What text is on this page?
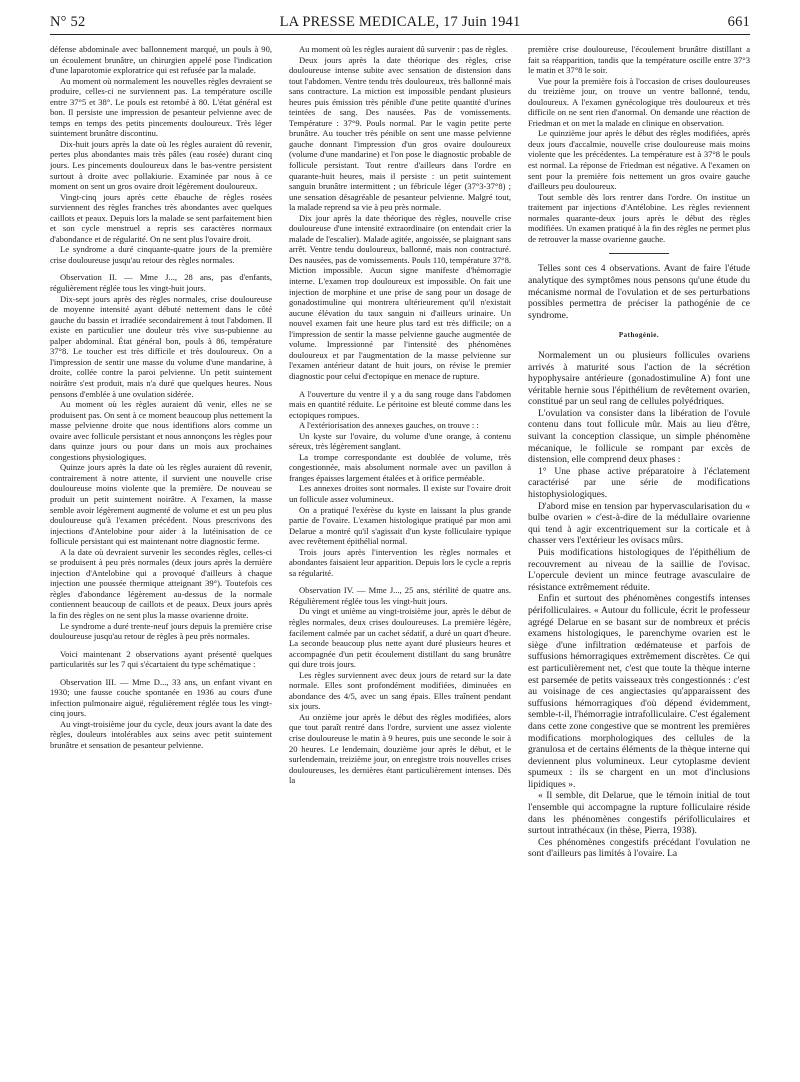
N° 52	LA PRESSE MEDICALE, 17 Juin 1941	661

défense abdominale avec ballonnement marqué, un pouls à 90, un écoulement brunâtre, un chirurgien appelé pose l'indication d'une laparotomie exploratrice qui est refusée par la malade.

Au moment où normalement les nouvelles règles devraient se produire, celles-ci ne surviennent pas. La température oscille entre 37°5 et 38°. Le pouls est retombé à 80. L'état général est bon. Il persiste une impression de pesanteur pelvienne avec de temps en temps des petits pincements douloureux. Très léger suintement brunâtre discontinu.

Dix-huit jours après la date où les règles auraient dû revenir, pertes plus abondantes mais très pâles (eau rosée) durant cinq jours. Les pincements douloureux dans le bas-ventre persistent surtout à droite avec pollakiurie. Examinée par nous à ce moment on sent un gros ovaire droit légèrement douloureux.

Vingt-cinq jours après cette ébauche de règles rosées surviennent des règles franches très abondantes avec quelques caillots et peaux. Depuis lors la malade se sent parfaitement bien et son cycle menstruel a repris ses caractères normaux d'abondance et de régularité. On ne sent plus l'ovaire droit.

Le syndrome a duré cinquante-quatre jours de la première crise douloureuse jusqu'au retour des règles normales.

Observation II. — Mme J..., 28 ans, pas d'enfants, régulièrement réglée tous les vingt-huit jours.

Dix-sept jours après des règles normales, crise douloureuse de moyenne intensité ayant débuté nettement dans le côté gauche du bassin et irradiée secondairement à tout l'abdomen. Il existe en particulier une douleur très vive sus-pubienne au palper abdominal. État général bon, pouls à 86, température 37°8. Le toucher est très difficile et très douloureux. On a l'impression de sentir une masse du volume d'une mandarine, à droite, collée contre la paroi pelvienne. Un petit suintement noirâtre s'est produit, mais n'a duré que quelques heures. Nous pensons d'emblée à une ovulation sidérée.

Au moment où les règles auraient dû venir, elles ne se produisent pas. On sent à ce moment beaucoup plus nettement la masse pelvienne droite que nous identifions alors comme un ovaire avec follicule persistant et nous annonçons les règles pour dans quinze jours ou pour dans un mois aux prochaines congestions physiologiques.

Quinze jours après la date où les règles auraient dû revenir, contrairement à notre attente, il survient une nouvelle crise douloureuse moins violente que la première. De nouveau se produit un petit suintement noirâtre. A l'examen, la masse semble avoir légèrement augmenté de volume et est un peu plus douloureuse qu'à l'examen précédent. Nous prescrivons des injections d'Antelobine pour aider à la lutéinisation de ce follicule persistant qui est maintenant notre diagnostic ferme.

A la date où devraient survenir les secondes règles, celles-ci se produisent à peu près normales (deux jours après la dernière injection d'Antelobine qui a provoqué d'ailleurs à chaque injection une poussée thermique atteignant 39°). Toutefois ces règles d'abondance légèrement au-dessus de la normale contiennent beaucoup de caillots et de peaux. Deux jours après la fin des règles on ne sent plus la masse ovarienne droite.

Le syndrome a duré trente-neuf jours depuis la première crise douloureuse jusqu'au retour de règles à peu près normales.

Voici maintenant 2 observations ayant présenté quelques particularités sur les 7 qui s'écartaient du type schématique :

Observation III. — Mme D..., 33 ans, un enfant vivant en 1930; une fausse couche spontanée en 1936 au cours d'une infection pulmonaire aiguë, régulièrement réglée tous les vingt-cinq jours.

Au vingt-troisième jour du cycle, deux jours avant la date des règles, douleurs intolérables aux seins avec petit suintement brunâtre et sensation de pesanteur pelvienne.

Au moment où les règles auraient dû survenir : pas de règles.

Deux jours après la date théorique des règles, crise douloureuse intense subite avec sensation de distension dans tout l'abdomen. Ventre tendu très douloureux, très ballonné mais sans contracture. La miction est impossible pendant plusieurs heures puis émission très pénible d'une petite quantité d'urines teintées de sang. Des nausées. Pas de vomissements. Température : 37°9. Pouls normal. Par le vagin petite perte brunâtre. Au toucher très pénible on sent une masse pelvienne gauche donnant l'impression d'un gros ovaire douloureux (volume d'une mandarine) et l'on pose le diagnostic probable de follicule persistant. Tout rentre d'ailleurs dans l'ordre en quarante-huit heures, mais il persiste : un petit suintement sanguin brunâtre intermittent ; un fébricule léger (37°3-37°8) ; une sensation désagréable de pesanteur pelvienne. Malgré tout, la malade reprend sa vie à peu près normale.

Dix jour après la date théorique des règles, nouvelle crise douloureuse d'une intensité extraordinaire (on entendait crier la malade de l'escalier). Malade agitée, angoissée, se plaignant sans arrêt. Ventre tendu douloureux, ballonné, mais non contracturé. Des nausées, pas de vomissements. Pouls 110, température 37°8. Miction impossible. Aucun signe manifeste d'hémorragie interne. L'examen trop douloureux est impossible. On fait une injection de morphine et une prise de sang pour un dosage de gonadostimuline qui montrera ultérieurement qu'il n'existait aucune élévation du taux sanguin ni d'ailleurs urinaire. Un nouvel examen fait une heure plus tard est très difficile; on a l'impression de sentir la masse pelvienne gauche augmentée de volume. Impressionné par l'intensité des phénomènes douloureux et par l'augmentation de la masse pelvienne sur l'examen antérieur datant de huit jours, on révise le premier diagnostic pour celui d'ectopique en menace de rupture.

A l'ouverture du ventre il y a du sang rouge dans l'abdomen mais en quantité réduite. Le péritoine est bleuté comme dans les ectopiques rompues.

A l'extériorisation des annexes gauches, on trouve : :

Un kyste sur l'ovaire, du volume d'une orange, à contenu séreux, très légèrement sanglant.

La trompe correspondante est doublée de volume, très congestionnée, mais absolument normale avec un pavillon à franges épaisses largement étalées et à orifice perméable.

Les annexes droites sont normales. Il existe sur l'ovaire droit un follicule assez volumineux.

On a pratiqué l'exérèse du kyste en laissant la plus grande partie de l'ovaire. L'examen histologique pratiqué par mon ami Delarue a montré qu'il s'agissait d'un kyste folliculaire typique avec revêtement épithélial normal.

Trois jours après l'intervention les règles normales et abondantes faisaient leur apparition. Depuis lors le cycle a repris sa régularité.

Observation IV. — Mme J..., 25 ans, stérilité de quatre ans. Régulièrement réglée tous les vingt-huit jours.

Du vingt et unième au vingt-troisième jour, après le début de règles normales, deux crises douloureuses. La première légère, facilement calmée par un cachet sédatif, a duré un quart d'heure. La seconde beaucoup plus nette ayant duré plusieurs heures et accompagnée d'un petit écoulement distillant du sang brunâtre qui dure trois jours.

Les règles surviennent avec deux jours de retard sur la date normale. Elles sont profondément modifiées, diminuées en abondance des 4/5, avec un sang épais. Elles traînent pendant six jours.

Au onzième jour après le début des règles modifiées, alors que tout paraît rentré dans l'ordre, survient une assez violente crise douloureuse le matin à 9 heures, puis une seconde le soir à 20 heures. Le lendemain, douzième jour après le début, et le surlendemain, treizième jour, on enregistre trois nouvelles crises douloureuses, les dernières étant particulièrement intenses. Dès la

première crise douloureuse, l'écoulement brunâtre distillant a fait sa réapparition, tandis que la température oscille entre 37°3 le matin et 37°8 le soir.

Vue pour la première fois à l'occasion de crises douloureuses du treizième jour, on trouve un ventre ballonné, tendu, douloureux. A l'examen gynécologique très douloureux et très difficile on ne sent rien d'anormal. On demande une réaction de Friedman et on met la malade en clinique en observation.

Le quinzième jour après le début des règles modifiées, après deux jours d'accalmie, nouvelle crise douloureuse mais moins violente que les précédentes. La température est à 37°8 le pouls est normal. La réponse de Friedman est négative. A l'examen on sent pour la première fois nettement un gros ovaire gauche d'ailleurs peu douloureux.

Tout semble dès lors rentrer dans l'ordre. On institue un traitement par injections d'Antélobine. Les règles reviennent normales quarante-deux jours après le début des règles modifiées. Un examen pratiqué à la fin des règles ne permet plus de retrouver la masse ovarienne gauche.

Telles sont ces 4 observations. Avant de faire l'étude analytique des symptômes nous pensons qu'une étude du mécanisme normal de l'ovulation et de ses perturbations possibles permettra de préciser la pathogénie de ce syndrome.

Pathogénie.

Normalement un ou plusieurs follicules ovariens arrivés à maturité sous l'action de la sécrétion hypophysaire antérieure (gonadostimuline A) font une véritable hernie sous l'épithélium de revêtement ovarien, constitué par un seul rang de cellules polyédriques.

L'ovulation va consister dans la libération de l'ovule contenu dans tout follicule mûr. Mais au lieu d'être, suivant la conception classique, un simple phénomène mécanique, le follicule se rompant par excès de distension, elle comprend deux phases :

1° Une phase active préparatoire à l'éclatement caractérisé par une série de modifications histophysiologiques.

D'abord mise en tension par hypervascularisation du « bulbe ovarien » c'est-à-dire de la médullaire ovarienne qui tend à agir excentriquement sur la corticale et à chasser vers l'extérieur les ovisacs mûrs.

Puis modifications histologiques de l'épithélium de recouvrement au niveau de la saillie de l'ovisac. L'opercule devient un mince feutrage avasculaire de résistance extrêmement réduite.

Enfin et surtout des phénomènes congestifs intenses périfolliculaires. « Autour du follicule, écrit le professeur agrégé Delarue en se basant sur de nombreux et précis examens histologiques, le parenchyme ovarien est le siège d'une infiltration œdémateuse et parfois de suffusions hémorragiques extrêmement discrètes. Ce qui est particulièrement net, c'est que toute la thèque interne est parsemée de petits vaisseaux très congestionnés : c'est au voisinage de ces angiectasies qu'apparaissent des suffusions hémorragiques d'où dépend évidemment, semble-t-il, l'hémorragie intrafolliculaire. C'est également dans cette zone congestive que se montrent les premières modifications morphologiques des cellules de la granulosa et de certains éléments de la thèque interne qui deviennent plus volumineux. Leur cytoplasme devient spumeux : ils se chargent en un mot d'inclusions lipidiques ».

« Il semble, dit Delarue, que le témoin initial de tout l'ensemble qui accompagne la rupture folliculaire réside dans les phénomènes congestifs périfolliculaires et surtout intrathécaux (in thèse, Pierra, 1938).

Ces phénomènes congestifs précédant l'ovulation ne sont d'ailleurs pas limités à l'ovaire. La
